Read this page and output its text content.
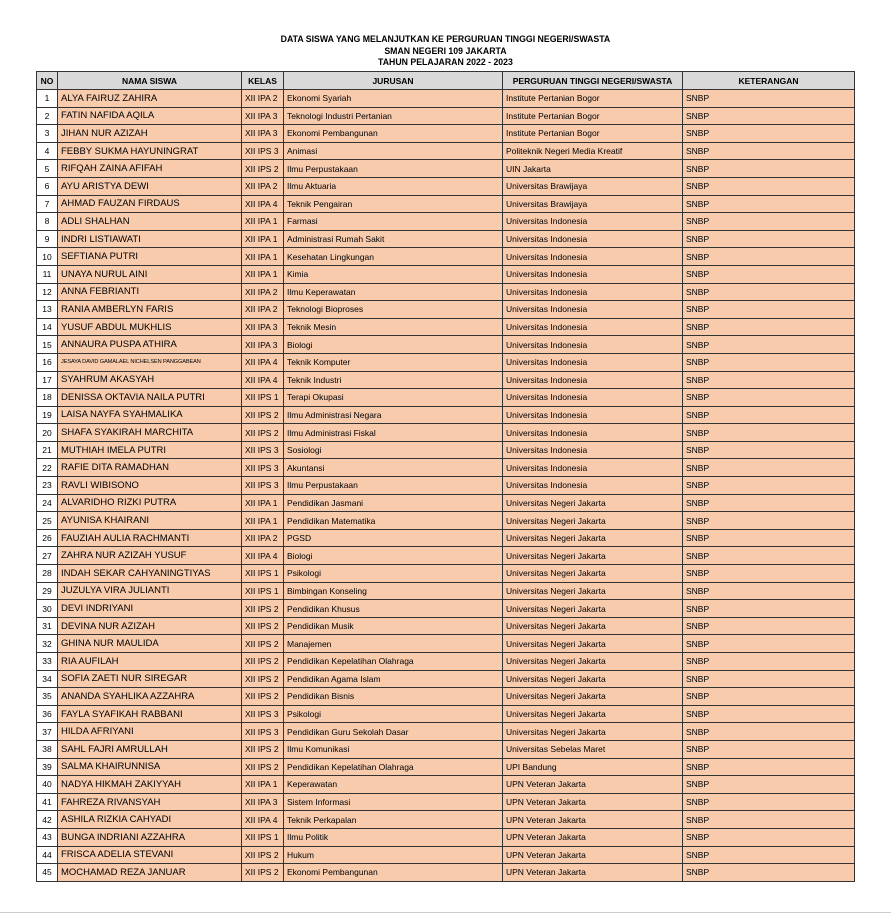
DATA SISWA YANG MELANJUTKAN KE PERGURUAN TINGGI NEGERI/SWASTA
SMAN NEGERI 109 JAKARTA
TAHUN PELAJARAN 2022 - 2023
NO	NAMA SISWA	KELAS	JURUSAN	PERGURUAN TINGGI NEGERI/SWASTA	KETERANGAN
1	ALYA FAIRUZ ZAHIRA	XII IPA 2	Ekonomi Syariah	Institute Pertanian Bogor	SNBP
2	FATIN NAFIDA AQILA	XII IPA 3	Teknologi Industri Pertanian	Institute Pertanian Bogor	SNBP
3	JIHAN NUR AZIZAH	XII IPA 3	Ekonomi Pembangunan	Institute Pertanian Bogor	SNBP
4	FEBBY SUKMA HAYUNINGRAT	XII IPS 3	Animasi	Politeknik Negeri Media Kreatif	SNBP
5	RIFQAH ZAINA AFIFAH	XII IPS 2	Ilmu Perpustakaan	UIN Jakarta	SNBP
6	AYU ARISTYA DEWI	XII IPA 2	Ilmu Aktuaria	Universitas Brawijaya	SNBP
7	AHMAD FAUZAN FIRDAUS	XII IPA 4	Teknik Pengairan	Universitas Brawijaya	SNBP
8	ADLI SHALHAN	XII IPA 1	Farmasi	Universitas Indonesia	SNBP
9	INDRI LISTIAWATI	XII IPA 1	Administrasi Rumah Sakit	Universitas Indonesia	SNBP
10	SEFTIANA PUTRI	XII IPA 1	Kesehatan Lingkungan	Universitas Indonesia	SNBP
11	UNAYA NURUL AINI	XII IPA 1	Kimia	Universitas Indonesia	SNBP
12	ANNA FEBRIANTI	XII IPA 2	Ilmu Keperawatan	Universitas Indonesia	SNBP
13	RANIA AMBERLYN FARIS	XII IPA 2	Teknologi Bioproses	Universitas Indonesia	SNBP
14	YUSUF ABDUL MUKHLIS	XII IPA 3	Teknik Mesin	Universitas Indonesia	SNBP
15	ANNAURA PUSPA ATHIRA	XII IPA 3	Biologi	Universitas Indonesia	SNBP
16	JESAYA DAVID GAMALAEL NICHELSEN PANGGABEAN	XII IPA 4	Teknik Komputer	Universitas Indonesia	SNBP
17	SYAHRUM AKASYAH	XII IPA 4	Teknik Industri	Universitas Indonesia	SNBP
18	DENISSA OKTAVIA NAILA PUTRI	XII IPS 1	Terapi Okupasi	Universitas Indonesia	SNBP
19	LAISA NAYFA SYAHMALIKA	XII IPS 2	Ilmu Administrasi Negara	Universitas Indonesia	SNBP
20	SHAFA SYAKIRAH MARCHITA	XII IPS 2	Ilmu Administrasi Fiskal	Universitas Indonesia	SNBP
21	MUTHIAH IMELA PUTRI	XII IPS 3	Sosiologi	Universitas Indonesia	SNBP
22	RAFIE DITA RAMADHAN	XII IPS 3	Akuntansi	Universitas Indonesia	SNBP
23	RAVLI WIBISONO	XII IPS 3	Ilmu Perpustakaan	Universitas Indonesia	SNBP
24	ALVARIDHO RIZKI PUTRA	XII IPA 1	Pendidikan Jasmani	Universitas Negeri Jakarta	SNBP
25	AYUNISA KHAIRANI	XII IPA 1	Pendidikan Matematika	Universitas Negeri Jakarta	SNBP
26	FAUZIAH AULIA RACHMANTI	XII IPA 2	PGSD	Universitas Negeri Jakarta	SNBP
27	ZAHRA NUR AZIZAH YUSUF	XII IPA 4	Biologi	Universitas Negeri Jakarta	SNBP
28	INDAH SEKAR CAHYANINGTIYAS	XII IPS 1	Psikologi	Universitas Negeri Jakarta	SNBP
29	JUZULYA VIRA JULIANTI	XII IPS 1	Bimbingan Konseling	Universitas Negeri Jakarta	SNBP
30	DEVI INDRIYANI	XII IPS 2	Pendidikan Khusus	Universitas Negeri Jakarta	SNBP
31	DEVINA NUR AZIZAH	XII IPS 2	Pendidikan Musik	Universitas Negeri Jakarta	SNBP
32	GHINA NUR MAULIDA	XII IPS 2	Manajemen	Universitas Negeri Jakarta	SNBP
33	RIA AUFILAH	XII IPS 2	Pendidikan Kepelatihan Olahraga	Universitas Negeri Jakarta	SNBP
34	SOFIA ZAETI NUR SIREGAR	XII IPS 2	Pendidikan Agama Islam	Universitas Negeri Jakarta	SNBP
35	ANANDA SYAHLIKA AZZAHRA	XII IPS 2	Pendidikan Bisnis	Universitas Negeri Jakarta	SNBP
36	FAYLA SYAFIKAH RABBANI	XII IPS 3	Psikologi	Universitas Negeri Jakarta	SNBP
37	HILDA AFRIYANI	XII IPS 3	Pendidikan Guru Sekolah Dasar	Universitas Negeri Jakarta	SNBP
38	SAHL FAJRI AMRULLAH	XII IPS 2	Ilmu Komunikasi	Universitas Sebelas Maret	SNBP
39	SALMA KHAIRUNNISA	XII IPS 2	Pendidikan Kepelatihan Olahraga	UPI Bandung	SNBP
40	NADYA HIKMAH ZAKIYYAH	XII IPA 1	Keperawatan	UPN Veteran Jakarta	SNBP
41	FAHREZA RIVANSYAH	XII IPA 3	Sistem Informasi	UPN Veteran Jakarta	SNBP
42	ASHILA RIZKIA CAHYADI	XII IPA 4	Teknik Perkapalan	UPN Veteran Jakarta	SNBP
43	BUNGA INDRIANI AZZAHRA	XII IPS 1	Ilmu Politik	UPN Veteran Jakarta	SNBP
44	FRISCA ADELIA STEVANI	XII IPS 2	Hukum	UPN Veteran Jakarta	SNBP
45	MOCHAMAD REZA JANUAR	XII IPS 2	Ekonomi Pembangunan	UPN Veteran Jakarta	SNBP
